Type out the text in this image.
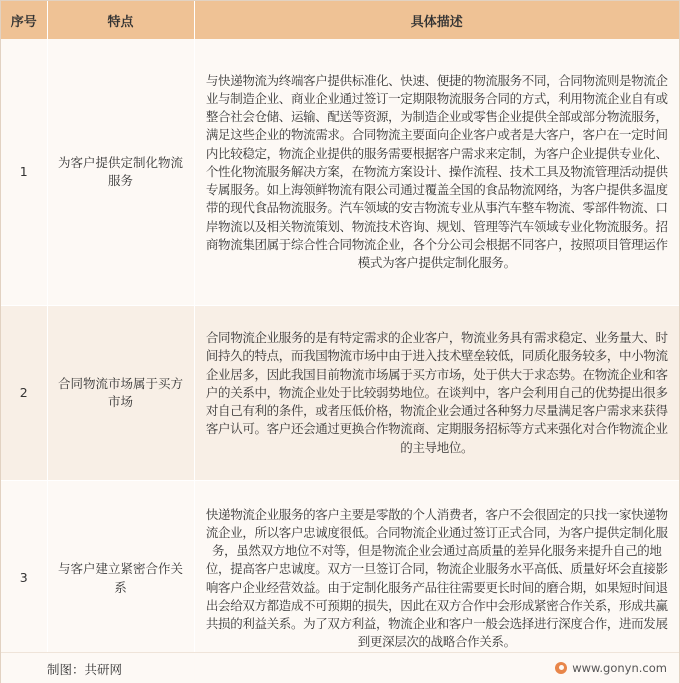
序号	特点	具体描述
1	为客户提供定制化物流服务	与快递物流为终端客户提供标准化、快速、便捷的物流服务不同，合同物流则是物流企业与制造企业、商业企业通过签订一定期限物流服务合同的方式，利用物流企业自有或整合社会仓储、运输、配送等资源，为制造企业或零售企业提供全部或部分物流服务，满足这些企业的物流需求。合同物流主要面向企业客户或者是大客户，客户在一定时间内比较稳定，物流企业提供的服务需要根据客户需求来定制，为客户企业提供专业化、个性化物流服务解决方案，在物流方案设计、操作流程、技术工具及物流管理活动提供专属服务。如上海领鲜物流有限公司通过覆盖全国的食品物流网络，为客户提供多温度带的现代食品物流服务。汽车领域的安吉物流专业从事汽车整车物流、零部件物流、口岸物流以及相关物流策划、物流技术咨询、规划、管理等汽车领域专业化物流服务。招商物流集团属于综合性合同物流企业，各个分公司会根据不同客户，按照项目管理运作模式为客户提供定制化服务。
2	合同物流市场属于买方市场	合同物流企业服务的是有特定需求的企业客户，物流业务具有需求稳定、业务量大、时间持久的特点，而我国物流市场中由于进入技术壁垒较低，同质化服务较多，中小物流企业居多，因此我国目前物流市场属于买方市场，处于供大于求态势。在物流企业和客户的关系中，物流企业处于比较弱势地位。在谈判中，客户会利用自己的优势提出很多对自己有利的条件，或者压低价格，物流企业会通过各种努力尽量满足客户需求来获得客户认可。客户还会通过更换合作物流商、定期服务招标等方式来强化对合作物流企业的主导地位。
3	与客户建立紧密合作关系	快递物流企业服务的客户主要是零散的个人消费者，客户不会很固定的只找一家快递物流企业，所以客户忠诚度很低。合同物流企业通过签订正式合同，为客户提供定制化服务，虽然双方地位不对等，但是物流企业会通过高质量的差异化服务来提升自己的地位，提高客户忠诚度。双方一旦签订合同，物流企业服务水平高低、质量好坏会直接影响客户企业经营效益。由于定制化服务产品往往需要更长时间的磨合期，如果短时间退出会给双方都造成不可预期的损失，因此在双方合作中会形成紧密合作关系，形成共赢共损的利益关系。为了双方利益，物流企业和客户一般会选择进行深度合作，进而发展到更深层次的战略合作关系。
制图：共研网	www.gonyn.com
